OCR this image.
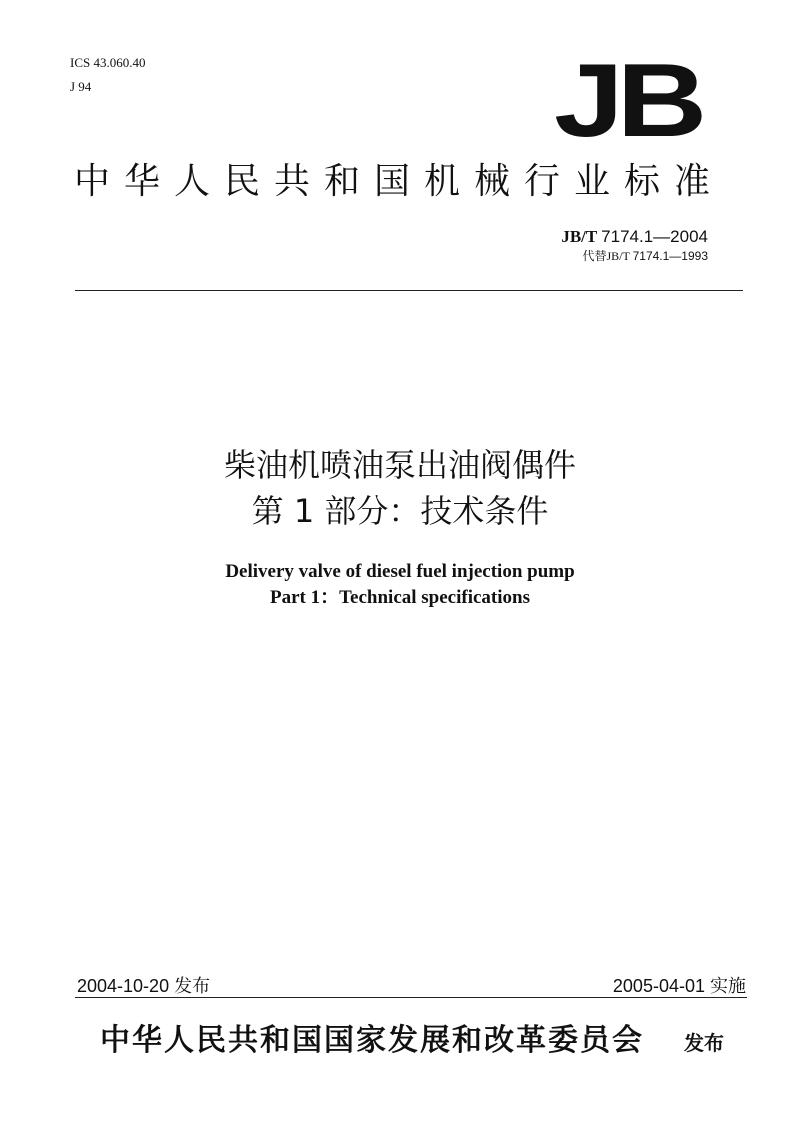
ICS 43.060.40
J 94	JB
中华人民共和国机械行业标准
JB/T 7174.1—2004
代替JB/T 7174.1—1993
柴油机喷油泵出油阀偶件
第 1 部分：技术条件
Delivery valve of diesel fuel injection pump
Part 1：Technical specifications
2004-10-20 发布	2005-04-01 实施
中华人民共和国国家发展和改革委员会 发布
